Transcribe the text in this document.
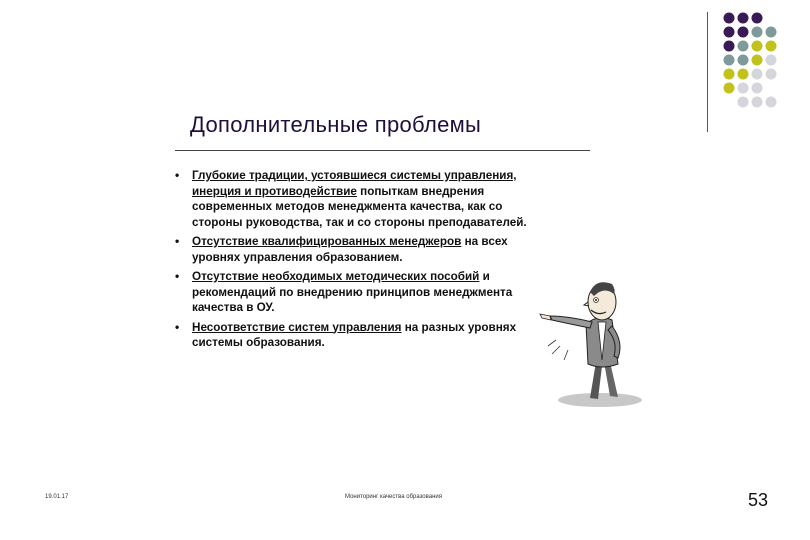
Дополнительные проблемы
• Глубокие традиции, устоявшиеся системы управления, инерция и противодействие попыткам внедрения современных методов менеджмента качества, как со стороны руководства, так и со стороны преподавателей.
• Отсутствие квалифицированных менеджеров на всех уровнях управления образованием.
• Отсутствие необходимых методических пособий и рекомендаций по внедрению принципов менеджмента качества в ОУ.
• Несоответствие систем управления на разных уровнях системы образования.
19.01.17	Мониторинг качества образования	53
